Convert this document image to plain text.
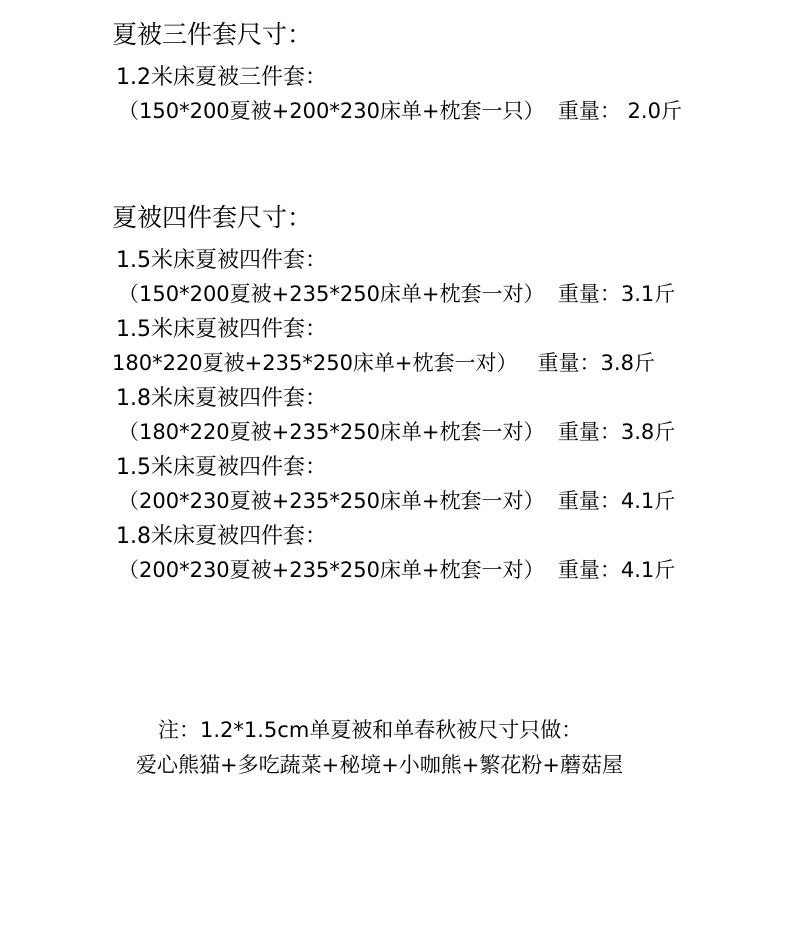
夏被三件套尺寸：
1.2米床夏被三件套：
（150*200夏被+200*230床单+枕套一只）  重量： 2.0斤
夏被四件套尺寸：
1.5米床夏被四件套：
（150*200夏被+235*250床单+枕套一对）  重量：3.1斤
1.5米床夏被四件套：
180*220夏被+235*250床单+枕套一对）   重量：3.8斤
1.8米床夏被四件套：
（180*220夏被+235*250床单+枕套一对）  重量：3.8斤
1.5米床夏被四件套：
（200*230夏被+235*250床单+枕套一对）  重量：4.1斤
1.8米床夏被四件套：
（200*230夏被+235*250床单+枕套一对）  重量：4.1斤
注：1.2*1.5cm单夏被和单春秋被尺寸只做：
爱心熊猫+多吃蔬菜+秘境+小咖熊+繁花粉+蘑菇屋
